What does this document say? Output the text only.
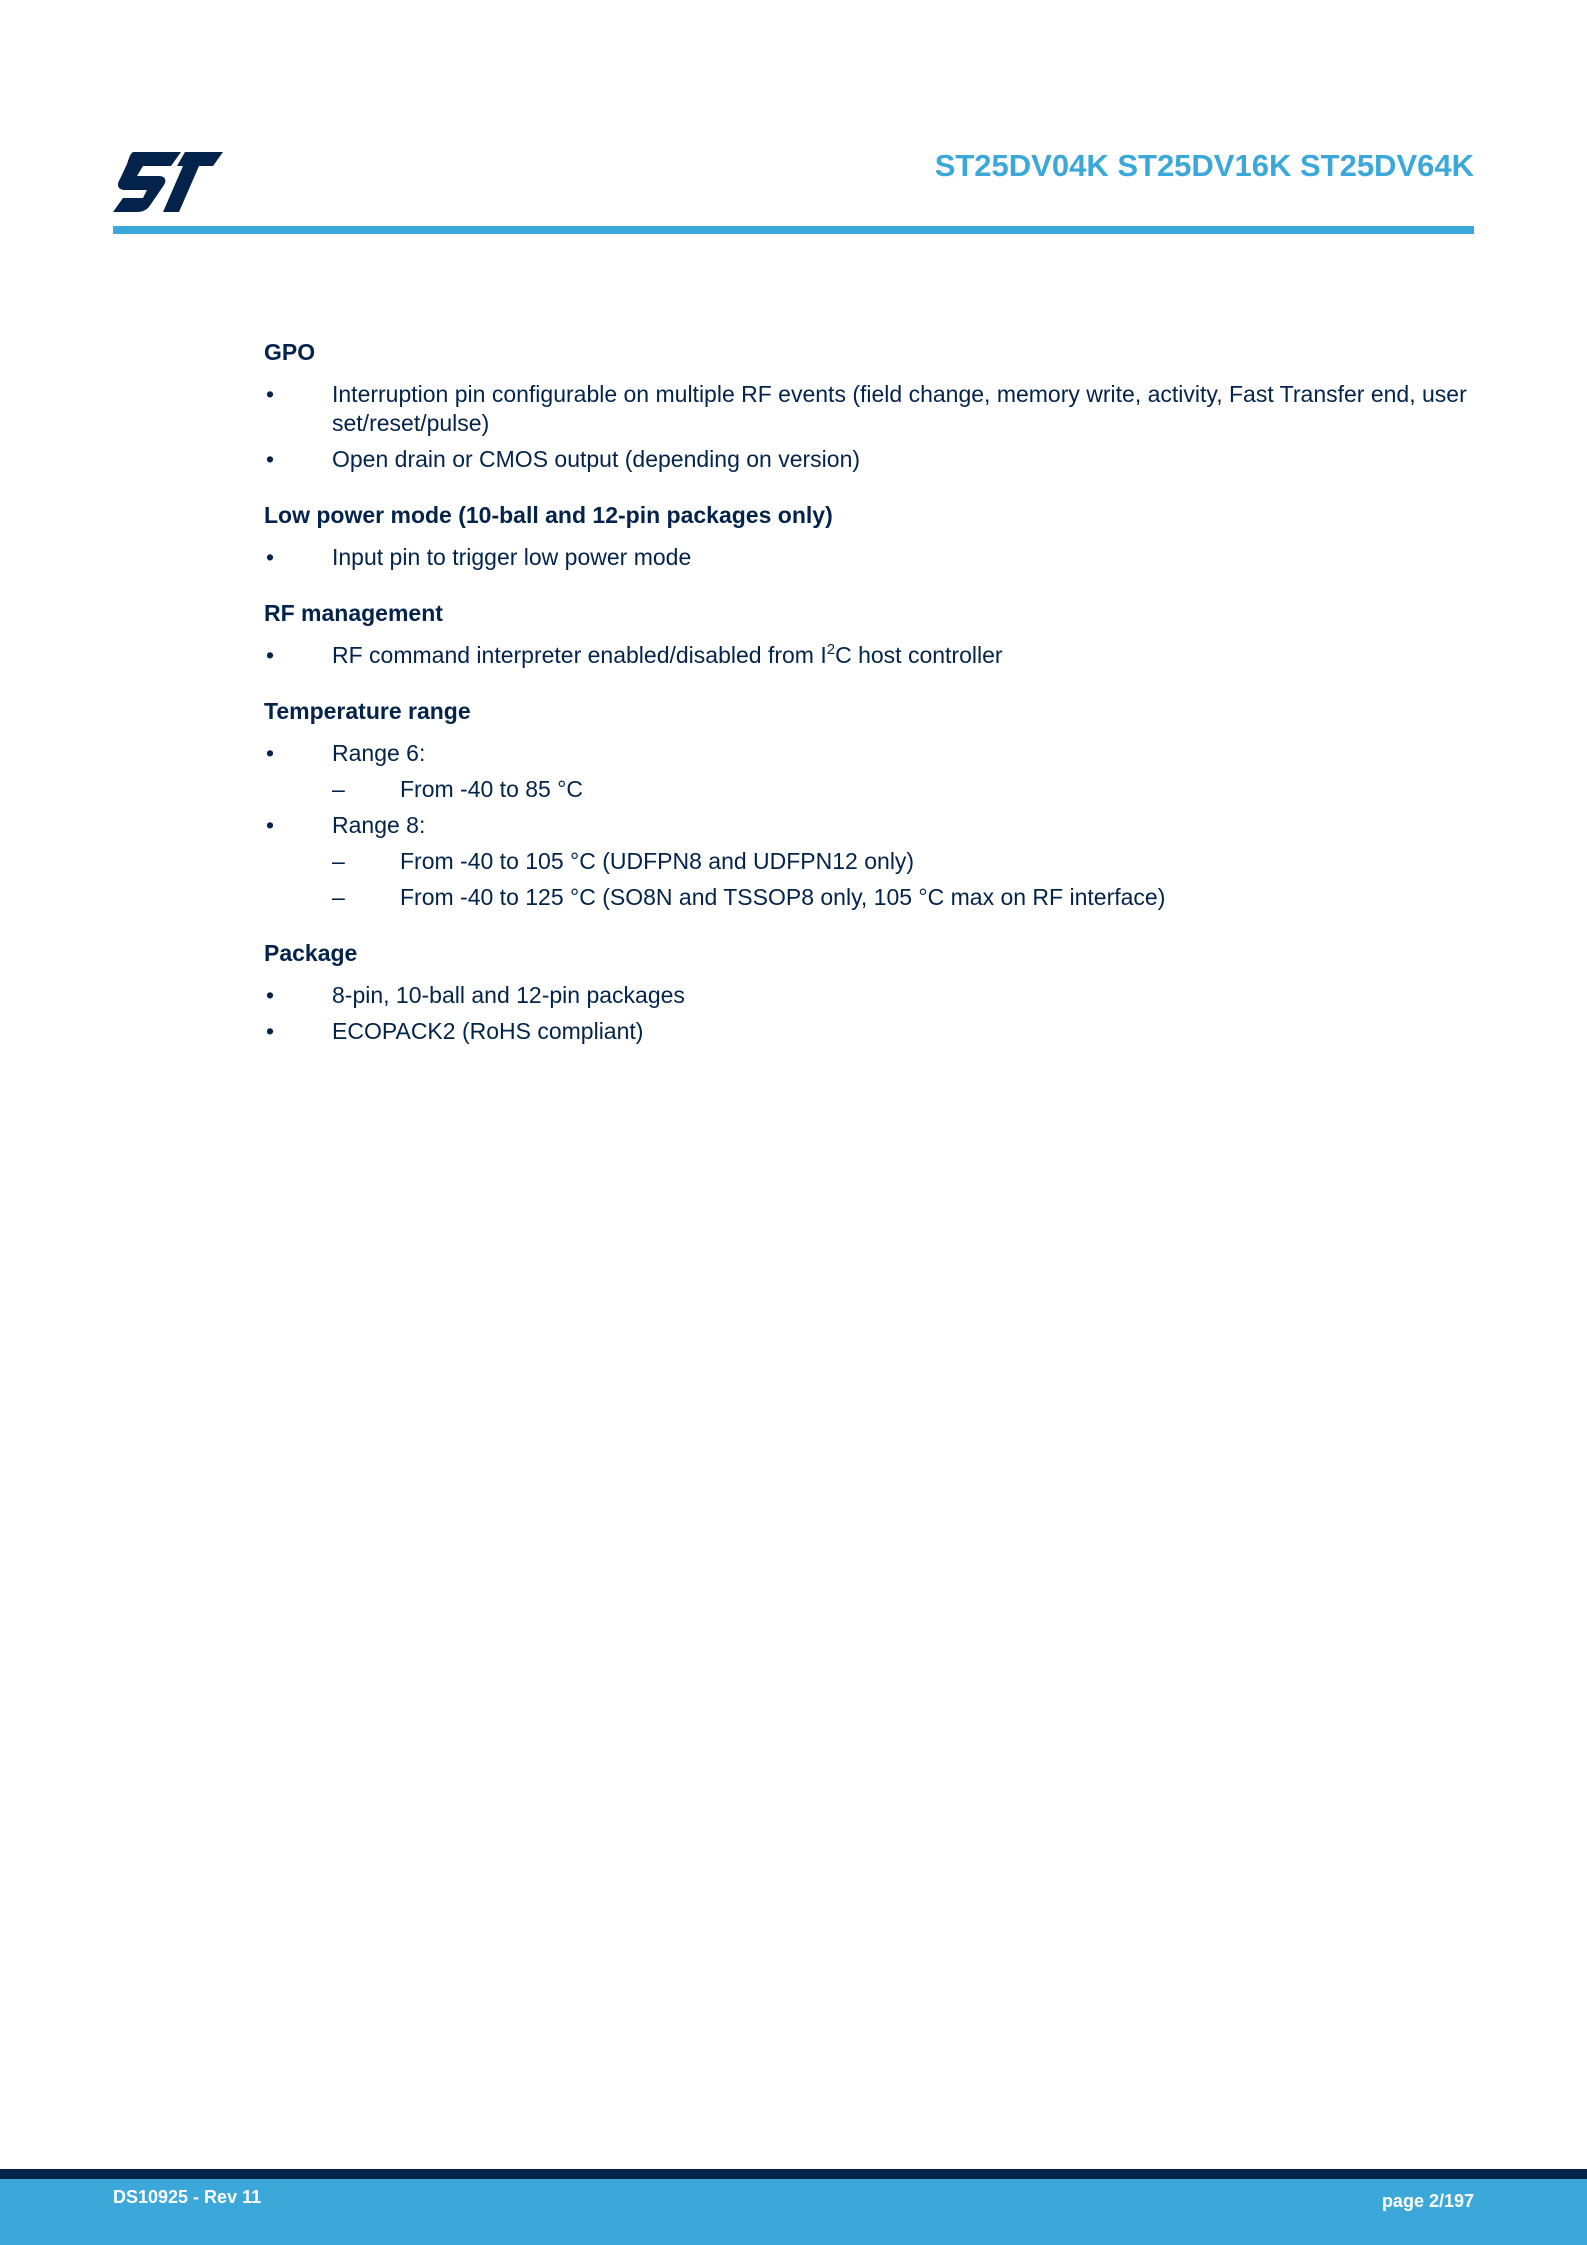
ST25DV04K ST25DV16K ST25DV64K
GPO
•	Interruption pin configurable on multiple RF events (field change, memory write, activity, Fast Transfer end, user set/reset/pulse)
•	Open drain or CMOS output (depending on version)
Low power mode (10-ball and 12-pin packages only)
•	Input pin to trigger low power mode
RF management
•	RF command interpreter enabled/disabled from $I^2C$ host controller
Temperature range
•	Range 6:
– From -40 to 85 °C
•	Range 8:
– From -40 to 105 °C (UDFPN8 and UDFPN12 only)
– From -40 to 125 °C (SO8N and TSSOP8 only, 105 °C max on RF interface)
Package
•	8-pin, 10-ball and 12-pin packages
•	ECOPACK2 (RoHS compliant)
DS10925 - Rev 11	page 2/197
